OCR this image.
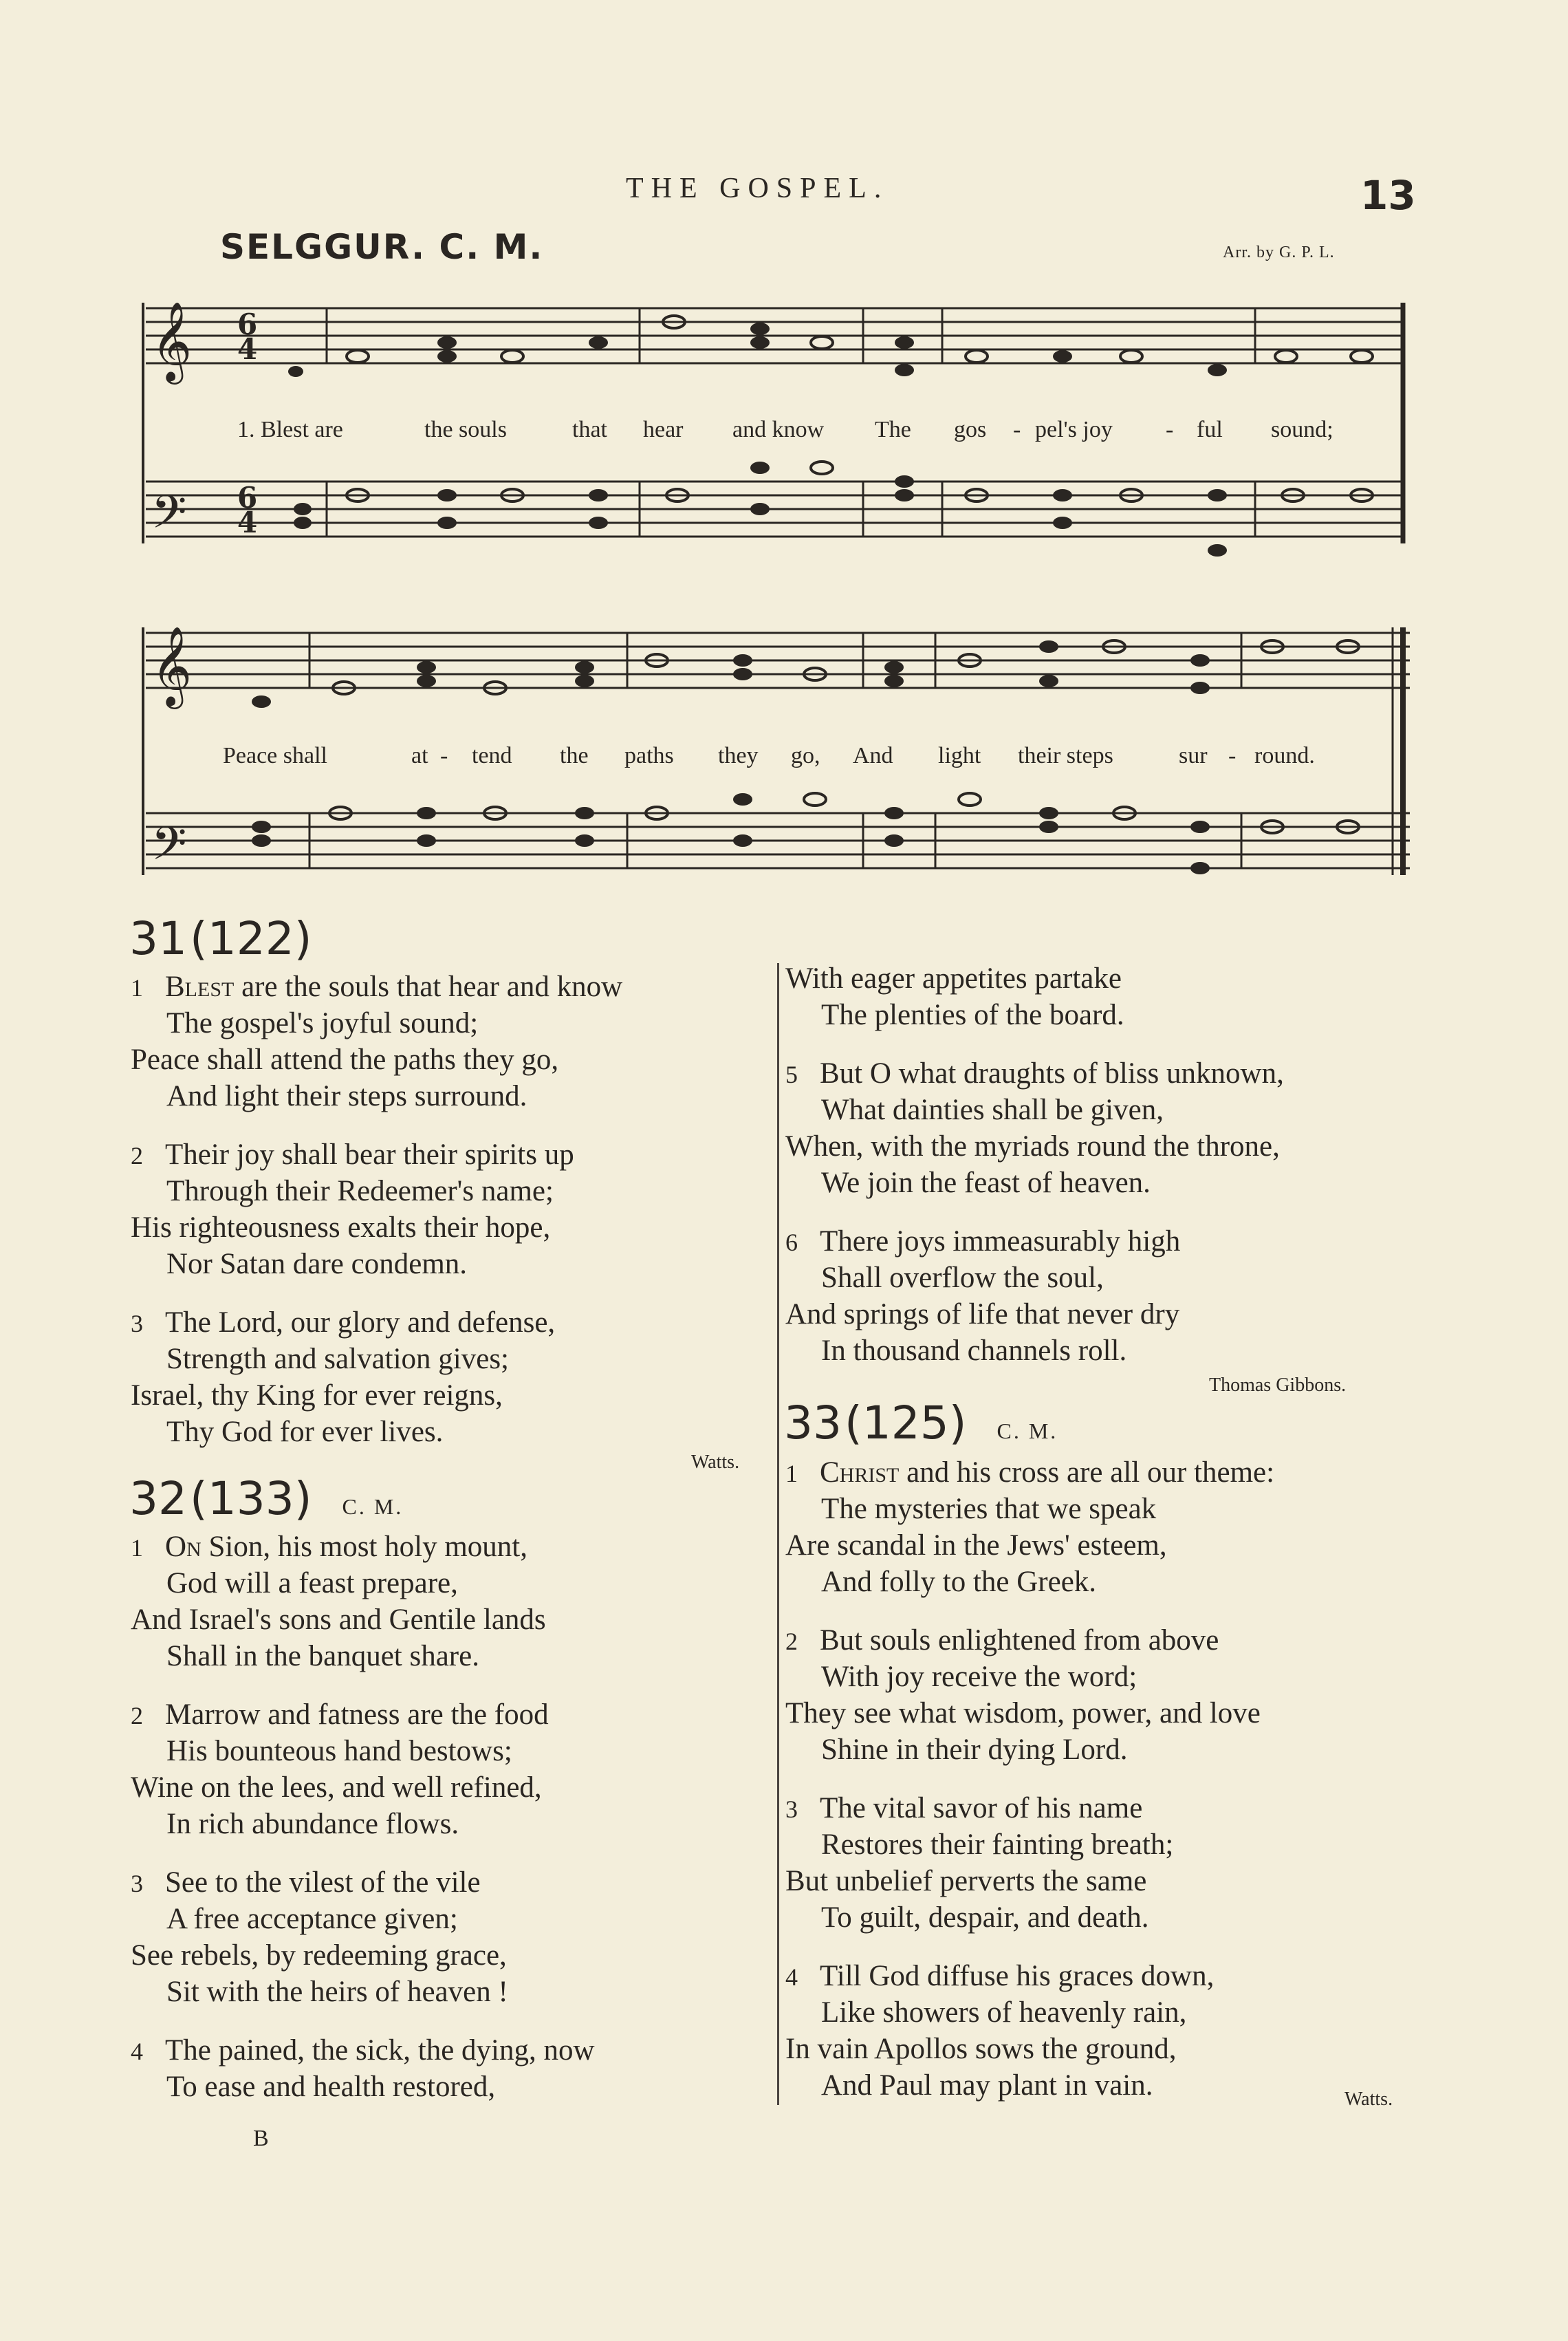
THE GOSPEL.	13
SELGGUR. C. M.	Arr. by G. P. L.
𝄞
𝄢
6
4
6
4
𝄞
𝄢
1. Blest are	the souls	that hear and know The gos - pel's joy - ful sound;
Peace shall	at - tend the paths they go, And light their steps	sur - round.
31 (122)
1 Blest are the souls that hear and know
The gospel's joyful sound;
Peace shall attend the paths they go,
And light their steps surround.
2 Their joy shall bear their spirits up
Through their Redeemer's name;
His righteousness exalts their hope,
Nor Satan dare condemn.
3 The Lord, our glory and defense,
Strength and salvation gives;
Israel, thy King for ever reigns,
Thy God for ever lives.
Watts.
32 (133) C. M.
1 On Sion, his most holy mount,
God will a feast prepare,
And Israel's sons and Gentile lands
Shall in the banquet share.
2 Marrow and fatness are the food
His bounteous hand bestows;
Wine on the lees, and well refined,
In rich abundance flows.
3 See to the vilest of the vile
A free acceptance given;
See rebels, by redeeming grace,
Sit with the heirs of heaven !
4 The pained, the sick, the dying, now
To ease and health restored,
With eager appetites partake
The plenties of the board.
5 But O what draughts of bliss unknown,
What dainties shall be given,
When, with the myriads round the throne,
We join the feast of heaven.
6 There joys immeasurably high
Shall overflow the soul,
And springs of life that never dry
In thousand channels roll.
Thomas Gibbons.
33 (125) C. M.
1 Christ and his cross are all our theme:
The mysteries that we speak
Are scandal in the Jews' esteem,
And folly to the Greek.
2 But souls enlightened from above
With joy receive the word;
They see what wisdom, power, and love
Shine in their dying Lord.
3 The vital savor of his name
Restores their fainting breath;
But unbelief perverts the same
To guilt, despair, and death.
4 Till God diffuse his graces down,
Like showers of heavenly rain,
In vain Apollos sows the ground,
And Paul may plant in vain.	Watts.
B
